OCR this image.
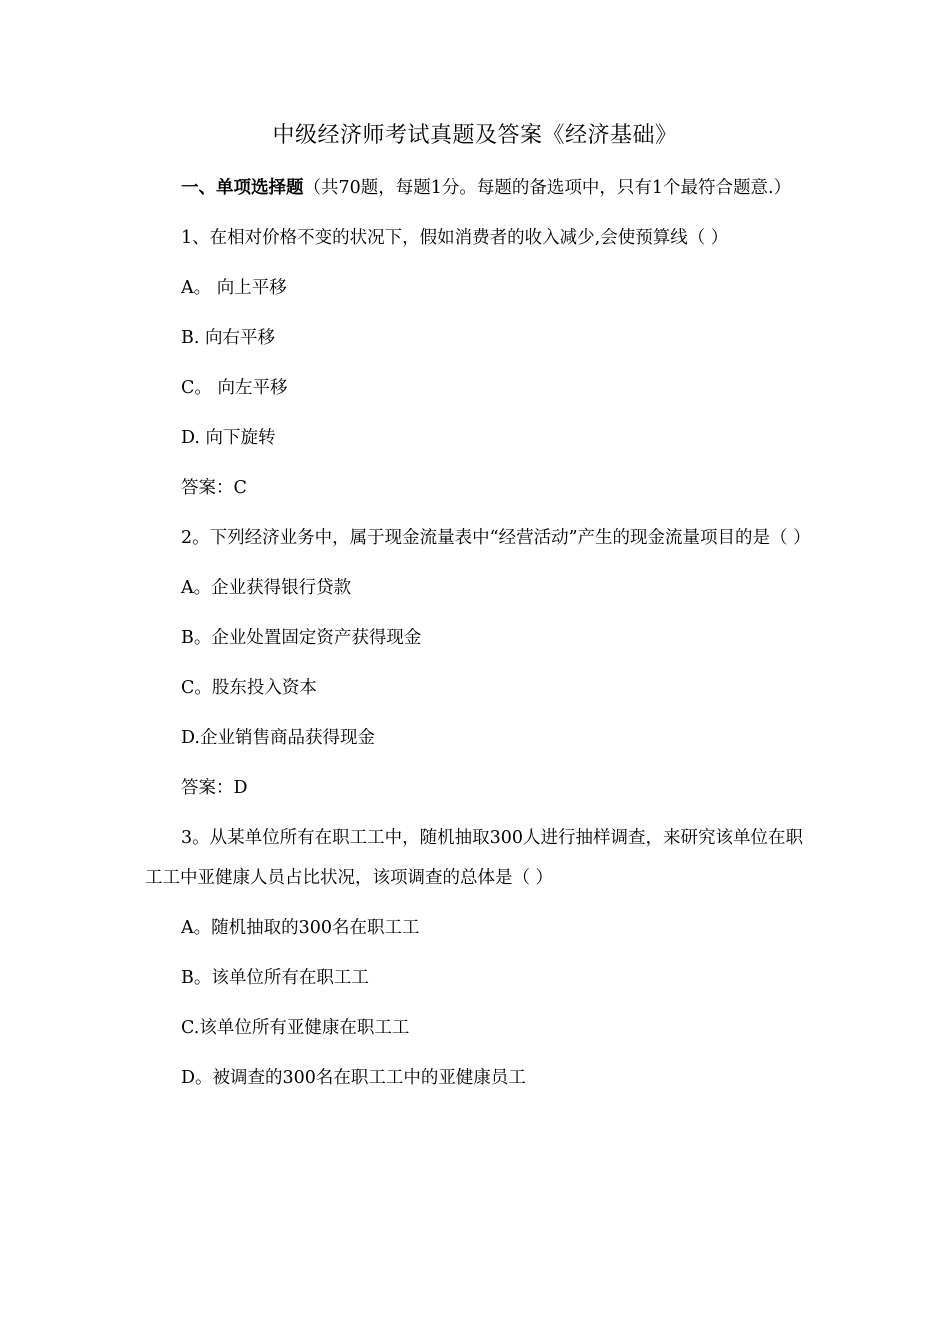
中级经济师考试真题及答案《经济基础》

一、单项选择题（共70题，每题1分。每题的备选项中，只有1个最符合题意.）

1、在相对价格不变的状况下，假如消费者的收入减少,会使预算线（ ）

A。 向上平移

B. 向右平移

C。 向左平移

D. 向下旋转

答案：C

2。下列经济业务中，属于现金流量表中“经营活动”产生的现金流量项目的是（ ）

A。企业获得银行贷款

B。企业处置固定资产获得现金

C。股东投入资本

D.企业销售商品获得现金

答案：D

3。从某单位所有在职工工中，随机抽取300人进行抽样调查，来研究该单位在职工工中亚健康人员占比状况，该项调查的总体是（ ）

A。随机抽取的300名在职工工

B。该单位所有在职工工

C.该单位所有亚健康在职工工

D。被调查的300名在职工工中的亚健康员工
